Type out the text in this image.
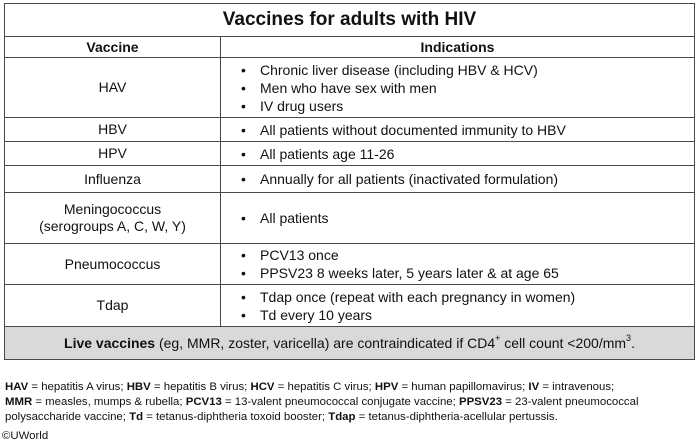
Vaccines for adults with HIV
Vaccine	Indications
HAV
• Chronic liver disease (including HBV & HCV)
• Men who have sex with men
• IV drug users
HBV	• All patients without documented immunity to HBV
HPV	• All patients age 11-26
Influenza	• Annually for all patients (inactivated formulation)
Meningococcus
(serogroups A, C, W, Y)	• All patients
Pneumococcus
• PCV13 once
• PPSV23 8 weeks later, 5 years later & at age 65
Tdap
• Tdap once (repeat with each pregnancy in women)
• Td every 10 years
Live vaccines (eg, MMR, zoster, varicella) are contraindicated if CD4+ cell count $<200/mm^3$.
HAV = hepatitis A virus; HBV = hepatitis B virus; HCV = hepatitis C virus; HPV = human papillomavirus; IV = intravenous;
MMR = measles, mumps & rubella; PCV13 = 13-valent pneumococcal conjugate vaccine; PPSV23 = 23-valent pneumococcal polysaccharide vaccine; Td = tetanus-diphtheria toxoid booster; Tdap = tetanus-diphtheria-acellular pertussis.
©UWorld
